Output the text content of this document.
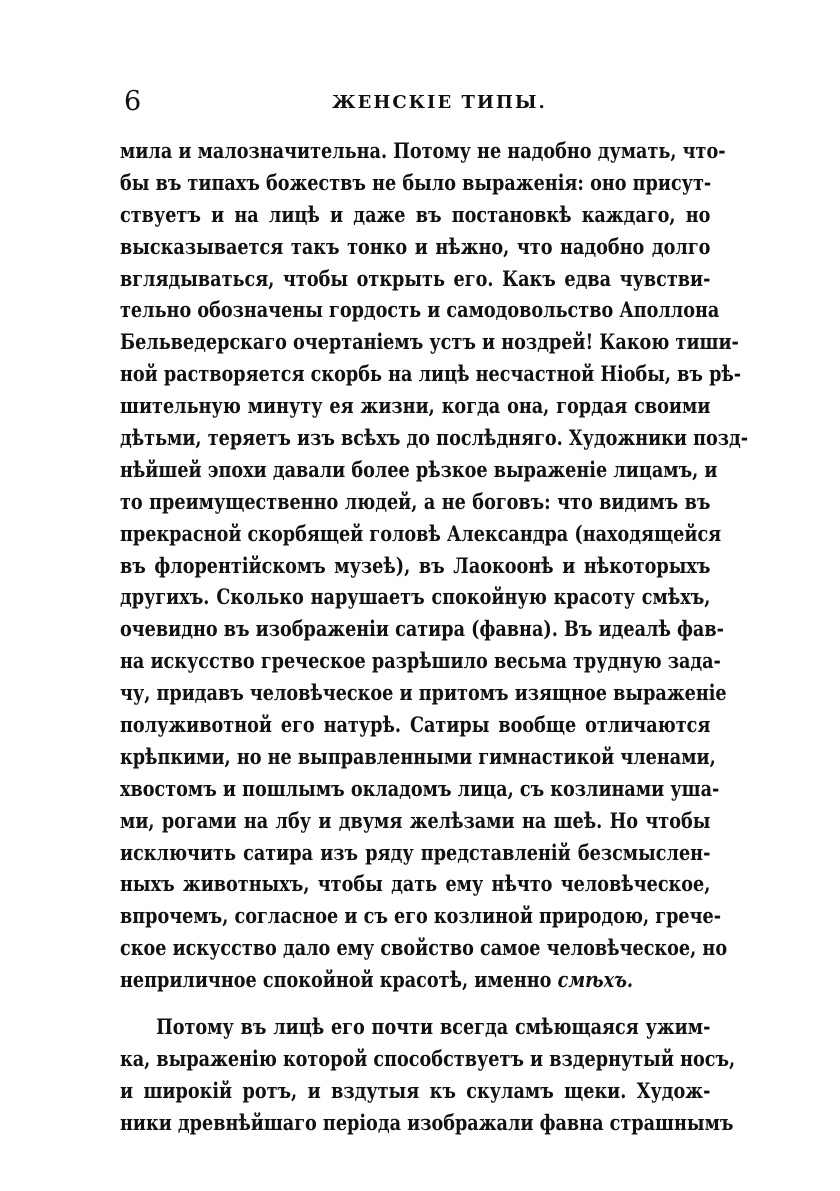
6	ЖЕНСКІЕ ТИПЫ.
мила и малозначительна. Потому не надобно думать, что-
бы въ типахъ божествъ не было выраженія: оно присут-
ствуетъ и на лицѣ и даже въ постановкѣ каждаго, но
высказывается такъ тонко и нѣжно, что надобно долго
вглядываться, чтобы открыть его. Какъ едва чувстви-
тельно обозначены гордость и самодовольство Аполлона
Бельведерскаго очертаніемъ устъ и ноздрей! Какою тиши-
ной растворяется скорбь на лицѣ несчастной Ніобы, въ рѣ-
шительную минуту ея жизни, когда она, гордая своими
дѣтьми, теряетъ изъ всѣхъ до послѣдняго. Художники позд-
нѣйшей эпохи давали более рѣзкое выраженіе лицамъ, и
то преимущественно людей, а не боговъ: что видимъ въ
прекрасной скорбящей головѣ Александра (находящейся
въ флорентійскомъ музеѣ), въ Лаокоонѣ и нѣкоторыхъ
другихъ. Сколько нарушаетъ спокойную красоту смѣхъ,
очевидно въ изображеніи сатира (фавна). Въ идеалѣ фав-
на искусство греческое разрѣшило весьма трудную зада-
чу, придавъ человѣческое и притомъ изящное выраженіе
полуживотной его натурѣ. Сатиры вообще отличаются
крѣпкими, но не выправленными гимнастикой членами,
хвостомъ и пошлымъ окладомъ лица, съ козлинами уша-
ми, рогами на лбу и двумя желѣзами на шеѣ. Но чтобы
исключить сатира изъ ряду представленій безсмыслен-
ныхъ животныхъ, чтобы дать ему нѣчто человѣческое,
впрочемъ, согласное и съ его козлиной природою, грече-
ское искусство дало ему свойство самое человѣческое, но
неприличное спокойной красотѣ, именно смѣхъ.
Потому въ лицѣ его почти всегда смѣющаяся ужим-
ка, выраженію которой способствуетъ и вздернутый носъ,
и широкій ротъ, и вздутыя къ скуламъ щеки. Худож-
ники древнѣйшаго періода изображали фавна страшнымъ
